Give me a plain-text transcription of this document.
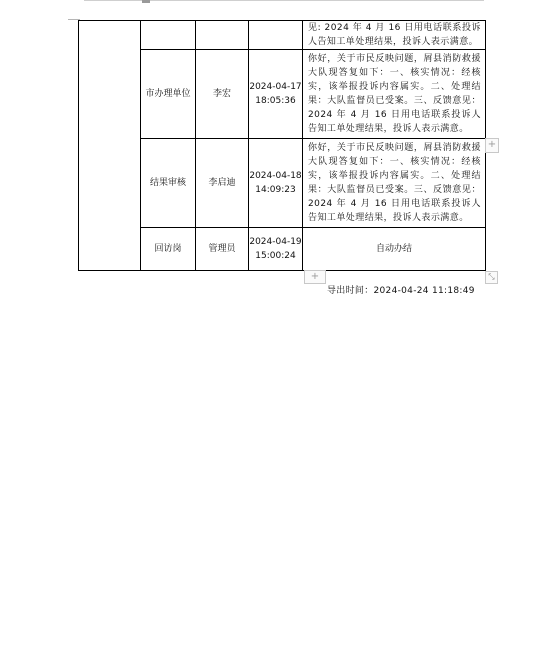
				见: 2024 年 4 月 16 日用电话联系投诉人告知工单处理结果，投诉人表示满意。
	市办理单位	李宏	2024-04-17 18:05:36	你好，关于市民反映问题，屑县消防救援大队现答复如下：一、核实情况：经核实，该举报投诉内容属实。二、处理结果：大队监督员已受案。三、反馈意见：2024 年 4 月 16 日用电话联系投诉人告知工单处理结果，投诉人表示满意。
	结果审核	李启迪	2024-04-18 14:09:23	你好，关于市民反映问题，屑县消防救援大队现答复如下：一、核实情况：经核实，该举报投诉内容属实。二、处理结果：大队监督员已受案。三、反馈意见：2024 年 4 月 16 日用电话联系投诉人告知工单处理结果，投诉人表示满意。
	回访岗	管理员	2024-04-19 15:00:24	自动办结
+
+	⤡
导出时间：2024-04-24 11:18:49
